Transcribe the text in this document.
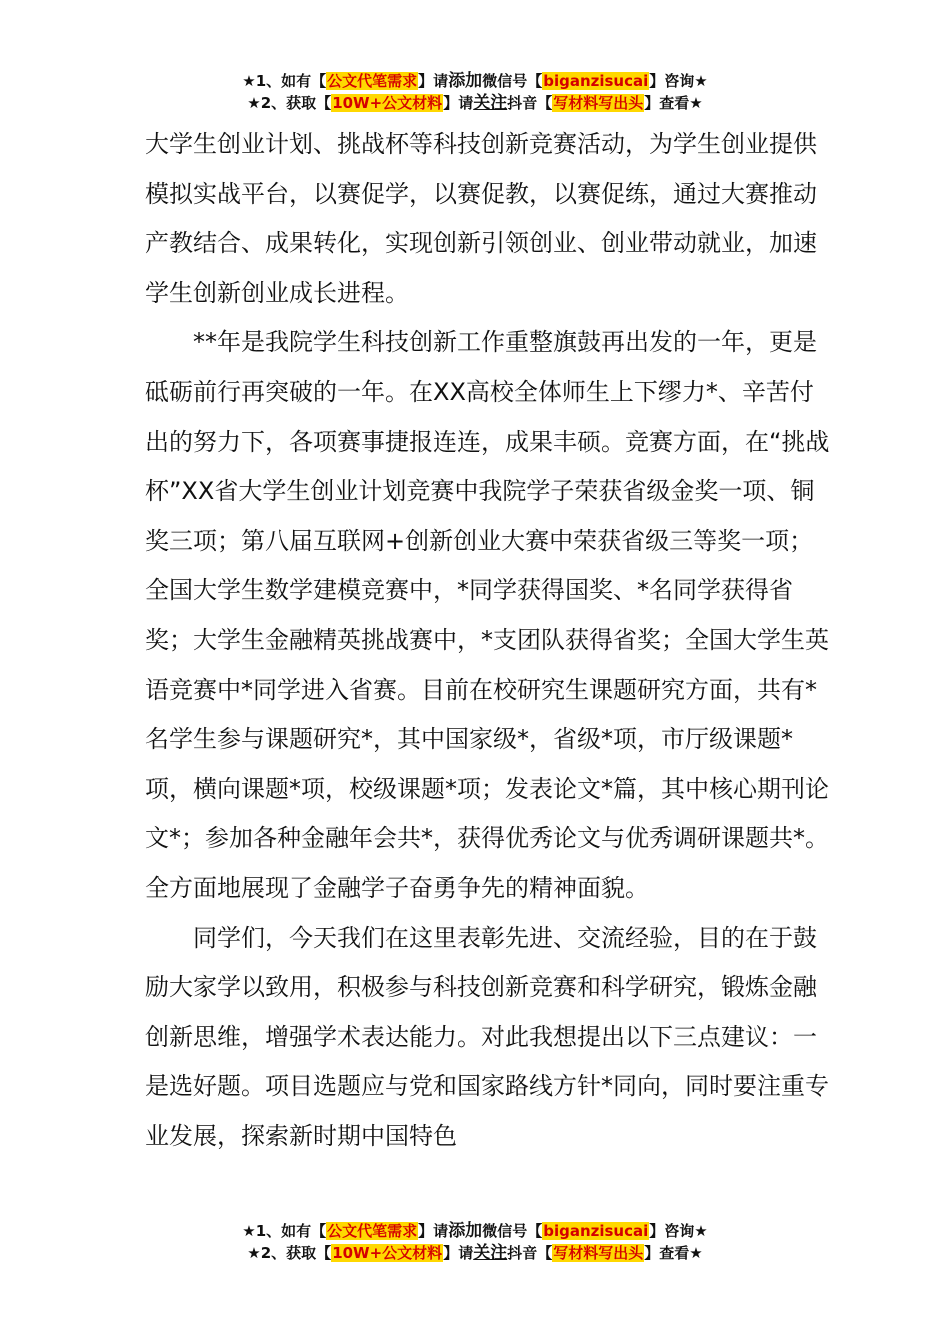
★1、如有【公文代笔需求】请添加微信号【biganzisucai】咨询★
★2、获取【10W+公文材料】请关注抖音【写材料写出头】查看★

大学生创业计划、挑战杯等科技创新竞赛活动，为学生创业提供模拟实战平台，以赛促学，以赛促教，以赛促练，通过大赛推动产教结合、成果转化，实现创新引领创业、创业带动就业，加速学生创新创业成长进程。

**年是我院学生科技创新工作重整旗鼓再出发的一年，更是砥砺前行再突破的一年。在XX高校全体师生上下缪力*、辛苦付出的努力下，各项赛事捷报连连，成果丰硕。竞赛方面，在“挑战杯”XX省大学生创业计划竞赛中我院学子荣获省级金奖一项、铜奖三项；第八届互联网+创新创业大赛中荣获省级三等奖一项；全国大学生数学建模竞赛中，*同学获得国奖、*名同学获得省奖；大学生金融精英挑战赛中，*支团队获得省奖；全国大学生英语竞赛中*同学进入省赛。目前在校研究生课题研究方面，共有*名学生参与课题研究*，其中国家级*，省级*项，市厅级课题*项，横向课题*项，校级课题*项；发表论文*篇，其中核心期刊论文*；参加各种金融年会共*，获得优秀论文与优秀调研课题共*。全方面地展现了金融学子奋勇争先的精神面貌。

同学们，今天我们在这里表彰先进、交流经验，目的在于鼓励大家学以致用，积极参与科技创新竞赛和科学研究，锻炼金融创新思维，增强学术表达能力。对此我想提出以下三点建议：一是选好题。项目选题应与党和国家路线方针*同向，同时要注重专业发展，探索新时期中国特色

★1、如有【公文代笔需求】请添加微信号【biganzisucai】咨询★
★2、获取【10W+公文材料】请关注抖音【写材料写出头】查看★
